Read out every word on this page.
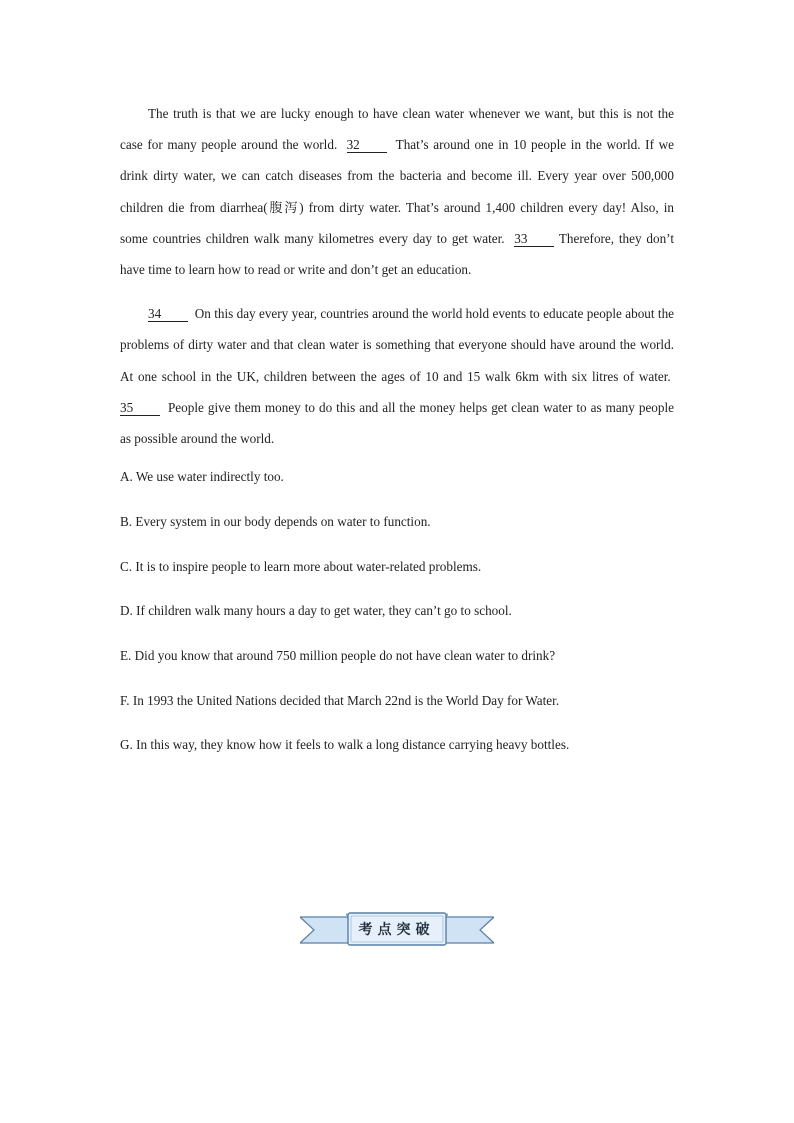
The truth is that we are lucky enough to have clean water whenever we want, but this is not the case for many people around the world. 32	That’s around one in 10 people in the world. If we drink dirty water, we can catch diseases from the bacteria and become ill. Every year over 500,000 children die from diarrhea(腹泻) from dirty water. That’s around 1,400 children every day! Also, in some countries children walk many kilometres every day to get water. 33 Therefore, they don’t have time to learn how to read or write and don’t get an education.

34	On this day every year, countries around the world hold events to educate people about the problems of dirty water and that clean water is something that everyone should have around the world. At one school in the UK, children between the ages of 10 and 15 walk 6km with six litres of water.  35	People give them money to do this and all the money helps get clean water to as many people as possible around the world.

A. We use water indirectly too.
B. Every system in our body depends on water to function.
C. It is to inspire people to learn more about water-related problems.
D. If children walk many hours a day to get water, they can’t go to school.
E. Did you know that around 750 million people do not have clean water to drink?
F. In 1993 the United Nations decided that March 22nd is the World Day for Water.
G. In this way, they know how it feels to walk a long distance carrying heavy bottles.
考点突破
